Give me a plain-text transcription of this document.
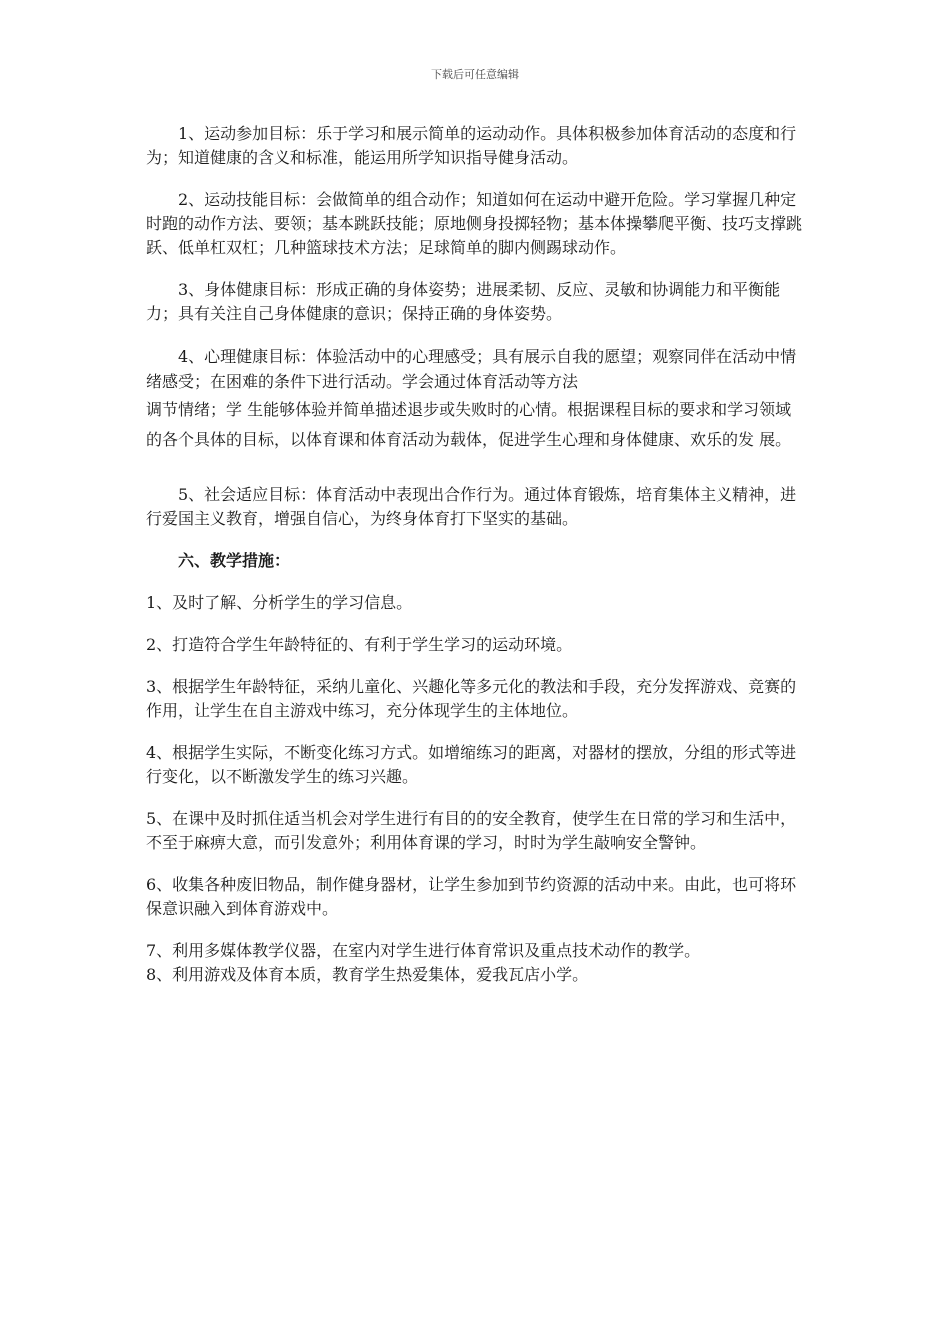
下载后可任意编辑

1、运动参加目标：乐于学习和展示简单的运动动作。具体积极参加体育活动的态度和行为；知道健康的含义和标准，能运用所学知识指导健身活动。

2、运动技能目标：会做简单的组合动作；知道如何在运动中避开危险。学习掌握几种定时跑的动作方法、要领；基本跳跃技能；原地侧身投掷轻物；基本体操攀爬平衡、技巧支撑跳跃、低单杠双杠；几种篮球技术方法；足球简单的脚内侧踢球动作。

3、身体健康目标：形成正确的身体姿势；进展柔韧、反应、灵敏和协调能力和平衡能力；具有关注自己身体健康的意识；保持正确的身体姿势。

4、心理健康目标：体验活动中的心理感受；具有展示自我的愿望；观察同伴在活动中情绪感受；在困难的条件下进行活动。学会通过体育活动等方法
调节情绪；学 生能够体验并简单描述退步或失败时的心情。根据课程目标的要求和学习领域的各个具体的目标，以体育课和体育活动为载体，促进学生心理和身体健康、欢乐的发 展。

5、社会适应目标：体育活动中表现出合作行为。通过体育锻炼，培育集体主义精神，进行爱国主义教育，增强自信心，为终身体育打下坚实的基础。

六、教学措施：

1、及时了解、分析学生的学习信息。

2、打造符合学生年龄特征的、有利于学生学习的运动环境。

3、根据学生年龄特征，采纳儿童化、兴趣化等多元化的教法和手段，充分发挥游戏、竞赛的作用，让学生在自主游戏中练习，充分体现学生的主体地位。

4、根据学生实际，不断变化练习方式。如增缩练习的距离，对器材的摆放，分组的形式等进行变化，以不断激发学生的练习兴趣。

5、在课中及时抓住适当机会对学生进行有目的的安全教育，使学生在日常的学习和生活中，不至于麻痹大意，而引发意外；利用体育课的学习，时时为学生敲响安全警钟。

6、收集各种废旧物品，制作健身器材，让学生参加到节约资源的活动中来。由此，也可将环保意识融入到体育游戏中。

7、利用多媒体教学仪器，在室内对学生进行体育常识及重点技术动作的教学。

8、利用游戏及体育本质，教育学生热爱集体，爱我瓦店小学。
